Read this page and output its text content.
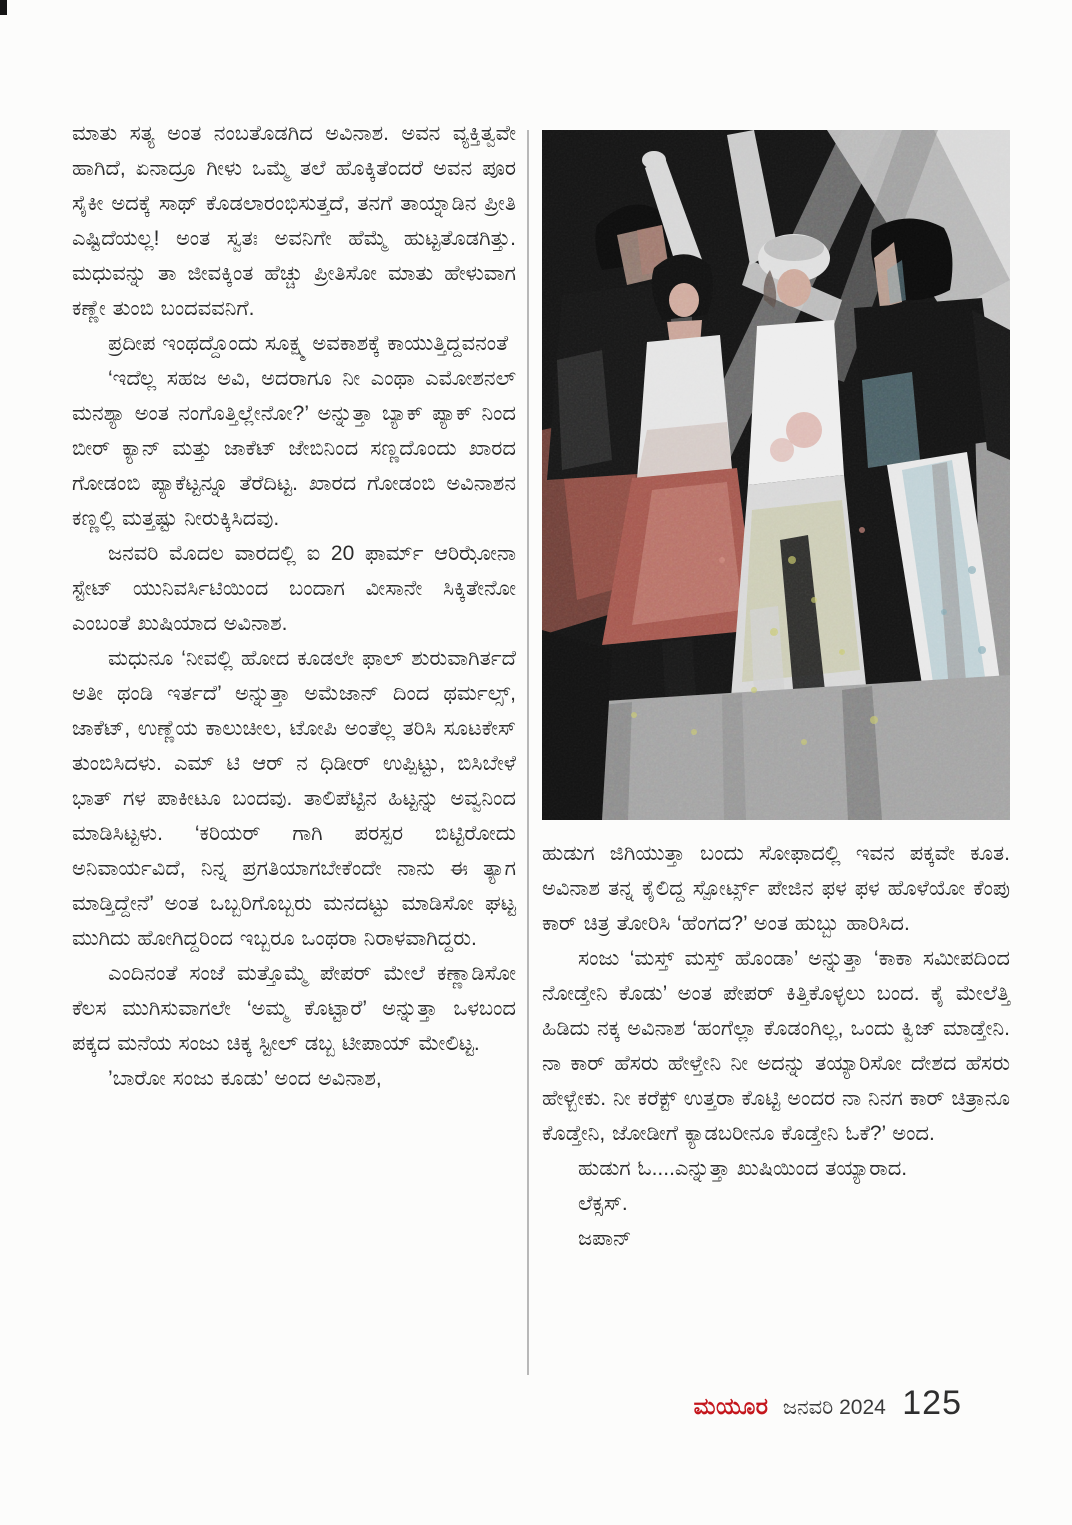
ಮಾತು ಸತ್ಯ ಅಂತ ನಂಬತೊಡಗಿದ ಅವಿನಾಶ. ಅವನ ವ್ಯಕ್ತಿತ್ವವೇ ಹಾಗಿದೆ, ಏನಾದ್ರೂ ಗೀಳು ಒಮ್ಮೆ ತಲೆ ಹೊಕ್ಕಿತೆಂದರೆ ಅವನ ಪೂರ ಸೈಕೀ ಅದಕ್ಕೆ ಸಾಥ್ ಕೊಡಲಾರಂಭಿಸುತ್ತದೆ, ತನಗೆ ತಾಯ್ನಾಡಿನ ಪ್ರೀತಿ ಎಷ್ಟಿದೆಯಲ್ಲ! ಅಂತ ಸ್ವತಃ ಅವನಿಗೇ ಹೆಮ್ಮೆ ಹುಟ್ಟತೊಡಗಿತ್ತು. ಮಧುವನ್ನು ತಾ ಜೀವಕ್ಕಿಂತ ಹೆಚ್ಚು ಪ್ರೀತಿಸೋ ಮಾತು ಹೇಳುವಾಗ ಕಣ್ಣೇ ತುಂಬಿ ಬಂದವವನಿಗೆ.

ಪ್ರದೀಪ ಇಂಥದ್ದೊಂದು ಸೂಕ್ಷ್ಮ ಅವಕಾಶಕ್ಕೆ ಕಾಯುತ್ತಿದ್ದವನಂತೆ

‘ಇದೆಲ್ಲ ಸಹಜ ಅವಿ, ಅದರಾಗೂ ನೀ ಎಂಥಾ ಎಮೋಶನಲ್ ಮನಶ್ಯಾ ಅಂತ ನಂಗೊತ್ತಿಲ್ಲೇನೋ?’ ಅನ್ನುತ್ತಾ ಬ್ಯಾಕ್ ಪ್ಯಾಕ್ ನಿಂದ ಬೀರ್ ಕ್ಯಾನ್ ಮತ್ತು ಜಾಕೆಟ್ ಜೇಬಿನಿಂದ ಸಣ್ಣದೊಂದು ಖಾರದ ಗೋಡಂಬಿ ಪ್ಯಾಕೆಟ್ಟನ್ನೂ ತೆರೆದಿಟ್ಟ. ಖಾರದ ಗೋಡಂಬಿ ಅವಿನಾಶನ ಕಣ್ಣಲ್ಲಿ ಮತ್ತಷ್ಟು ನೀರುಕ್ಕಿಸಿದವು.

ಜನವರಿ ಮೊದಲ ವಾರದಲ್ಲಿ ಐ 20 ಫಾರ್ಮ್ ಆರಿಝೋನಾ ಸ್ಟೇಟ್ ಯುನಿವರ್ಸಿಟಿಯಿಂದ ಬಂದಾಗ ವೀಸಾನೇ ಸಿಕ್ಕಿತೇನೋ ಎಂಬಂತೆ ಖುಷಿಯಾದ ಅವಿನಾಶ.

ಮಧುನೂ ‘ನೀವಲ್ಲಿ ಹೋದ ಕೂಡಲೇ ಫಾಲ್ ಶುರುವಾಗಿರ್ತದೆ ಅತೀ ಥಂಡಿ ಇರ್ತದೆ’ ಅನ್ನುತ್ತಾ ಅಮೆಜಾನ್ ದಿಂದ ಥರ್ಮಲ್ಸ್, ಜಾಕೆಟ್, ಉಣ್ಣೆಯ ಕಾಲುಚೀಲ, ಟೋಪಿ ಅಂತೆಲ್ಲ ತರಿಸಿ ಸೂಟಕೇಸ್ ತುಂಬಿಸಿದಳು. ಎಮ್ ಟಿ ಆರ್ ನ ಧಿಡೀರ್ ಉಪ್ಪಿಟ್ಟು, ಬಿಸಿಬೇಳೆ ಭಾತ್ ಗಳ ಪಾಕೀಟೂ ಬಂದವು. ತಾಲಿಪೆಟ್ಟಿನ ಹಿಟ್ಟನ್ನು ಅವ್ವನಿಂದ ಮಾಡಿಸಿಟ್ಟಳು. ‘ಕರಿಯರ್ ಗಾಗಿ ಪರಸ್ಪರ ಬಿಟ್ಟಿರೋದು ಅನಿವಾರ್ಯವಿದೆ, ನಿನ್ನ ಪ್ರಗತಿಯಾಗಬೇಕೆಂದೇ ನಾನು ಈ ತ್ಯಾಗ ಮಾಡ್ತಿದ್ದೇನೆ’ ಅಂತ ಒಬ್ಬರಿಗೊಬ್ಬರು ಮನದಟ್ಟು ಮಾಡಿಸೋ ಘಟ್ಟ ಮುಗಿದು ಹೋಗಿದ್ದರಿಂದ ಇಬ್ಬರೂ ಒಂಥರಾ ನಿರಾಳವಾಗಿದ್ದರು.

ಎಂದಿನಂತೆ ಸಂಜೆ ಮತ್ತೊಮ್ಮೆ ಪೇಪರ್ ಮೇಲೆ ಕಣ್ಣಾಡಿಸೋ ಕೆಲಸ ಮುಗಿಸುವಾಗಲೇ ‘ಅಮ್ಮ ಕೊಟ್ಟಾರೆ’ ಅನ್ನುತ್ತಾ ಒಳಬಂದ ಪಕ್ಕದ ಮನೆಯ ಸಂಜು ಚಿಕ್ಕ ಸ್ಟೀಲ್ ಡಬ್ಬ ಟೀಪಾಯ್ ಮೇಲಿಟ್ಟ.

’ಬಾರೋ ಸಂಜು ಕೂಡು’ ಅಂದ ಅವಿನಾಶ,

ಹುಡುಗ ಜಿಗಿಯುತ್ತಾ ಬಂದು ಸೋಫಾದಲ್ಲಿ ಇವನ ಪಕ್ಕವೇ ಕೂತ. ಅವಿನಾಶ ತನ್ನ ಕೈಲಿದ್ದ ಸ್ಪೋರ್ಟ್ಸ್ ಪೇಜಿನ ಫಳ ಫಳ ಹೊಳೆಯೋ ಕೆಂಪು ಕಾರ್ ಚಿತ್ರ ತೋರಿಸಿ ‘ಹೆಂಗದ?’ ಅಂತ ಹುಬ್ಬು ಹಾರಿಸಿದ.

ಸಂಜು ‘ಮಸ್ತ್ ಮಸ್ತ್ ಹೊಂಡಾ’ ಅನ್ನುತ್ತಾ ‘ಕಾಕಾ ಸಮೀಪದಿಂದ ನೋಡ್ತೇನಿ ಕೊಡು’ ಅಂತ ಪೇಪರ್ ಕಿತ್ತಿಕೊಳ್ಳಲು ಬಂದ. ಕೈ ಮೇಲೆತ್ತಿ ಹಿಡಿದು ನಕ್ಕ ಅವಿನಾಶ ‘ಹಂಗೆಲ್ಲಾ ಕೊಡಂಗಿಲ್ಲ, ಒಂದು ಕ್ವಿಜ್ ಮಾಡ್ತೇನಿ. ನಾ ಕಾರ್ ಹೆಸರು ಹೇಳ್ತೇನಿ ನೀ ಅದನ್ನು ತಯ್ಯಾರಿಸೋ ದೇಶದ ಹೆಸರು ಹೇಳ್ಬೇಕು. ನೀ ಕರೆಕ್ಟ್ ಉತ್ತರಾ ಕೊಟ್ಟಿ ಅಂದರ ನಾ ನಿನಗ ಕಾರ್ ಚಿತ್ರಾನೂ ಕೊಡ್ತೇನಿ, ಜೋಡೀಗೆ ಕ್ಯಾಡಬರೀನೂ ಕೊಡ್ತೇನಿ ಓಕೆ?’ ಅಂದ.

ಹುಡುಗ ಓ....ಎನ್ನುತ್ತಾ ಖುಷಿಯಿಂದ ತಯ್ಯಾರಾದ.

ಲೆಕ್ಸಸ್.

ಜಪಾನ್

ಮಯೂರ ಜನವರಿ 2024 125
